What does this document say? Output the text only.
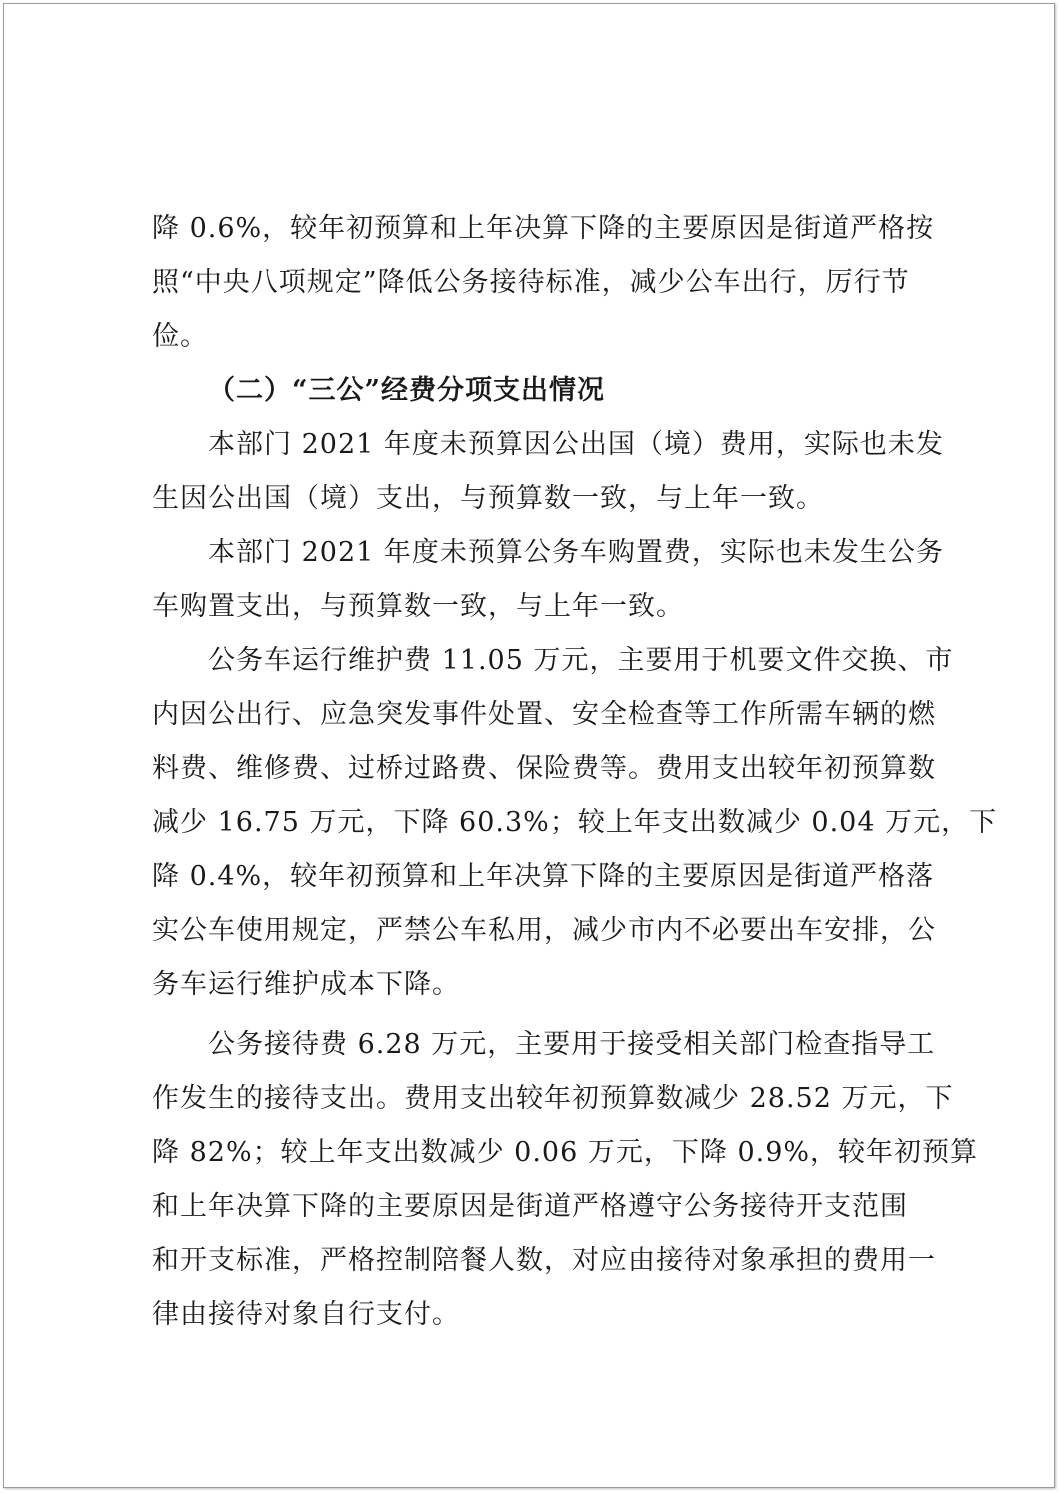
降 0.6%，较年初预算和上年决算下降的主要原因是街道严格按
照“中央八项规定”降低公务接待标准，减少公车出行，厉行节
俭。
（二）“三公”经费分项支出情况
本部门 2021 年度未预算因公出国（境）费用，实际也未发
生因公出国（境）支出，与预算数一致，与上年一致。
本部门 2021 年度未预算公务车购置费，实际也未发生公务
车购置支出，与预算数一致，与上年一致。
公务车运行维护费 11.05 万元，主要用于机要文件交换、市
内因公出行、应急突发事件处置、安全检查等工作所需车辆的燃
料费、维修费、过桥过路费、保险费等。费用支出较年初预算数
减少 16.75 万元，下降 60.3%；较上年支出数减少 0.04 万元，下
降 0.4%，较年初预算和上年决算下降的主要原因是街道严格落
实公车使用规定，严禁公车私用，减少市内不必要出车安排，公
务车运行维护成本下降。
公务接待费 6.28 万元，主要用于接受相关部门检查指导工
作发生的接待支出。费用支出较年初预算数减少 28.52 万元，下
降 82%；较上年支出数减少 0.06 万元，下降 0.9%，较年初预算
和上年决算下降的主要原因是街道严格遵守公务接待开支范围
和开支标准，严格控制陪餐人数，对应由接待对象承担的费用一
律由接待对象自行支付。
